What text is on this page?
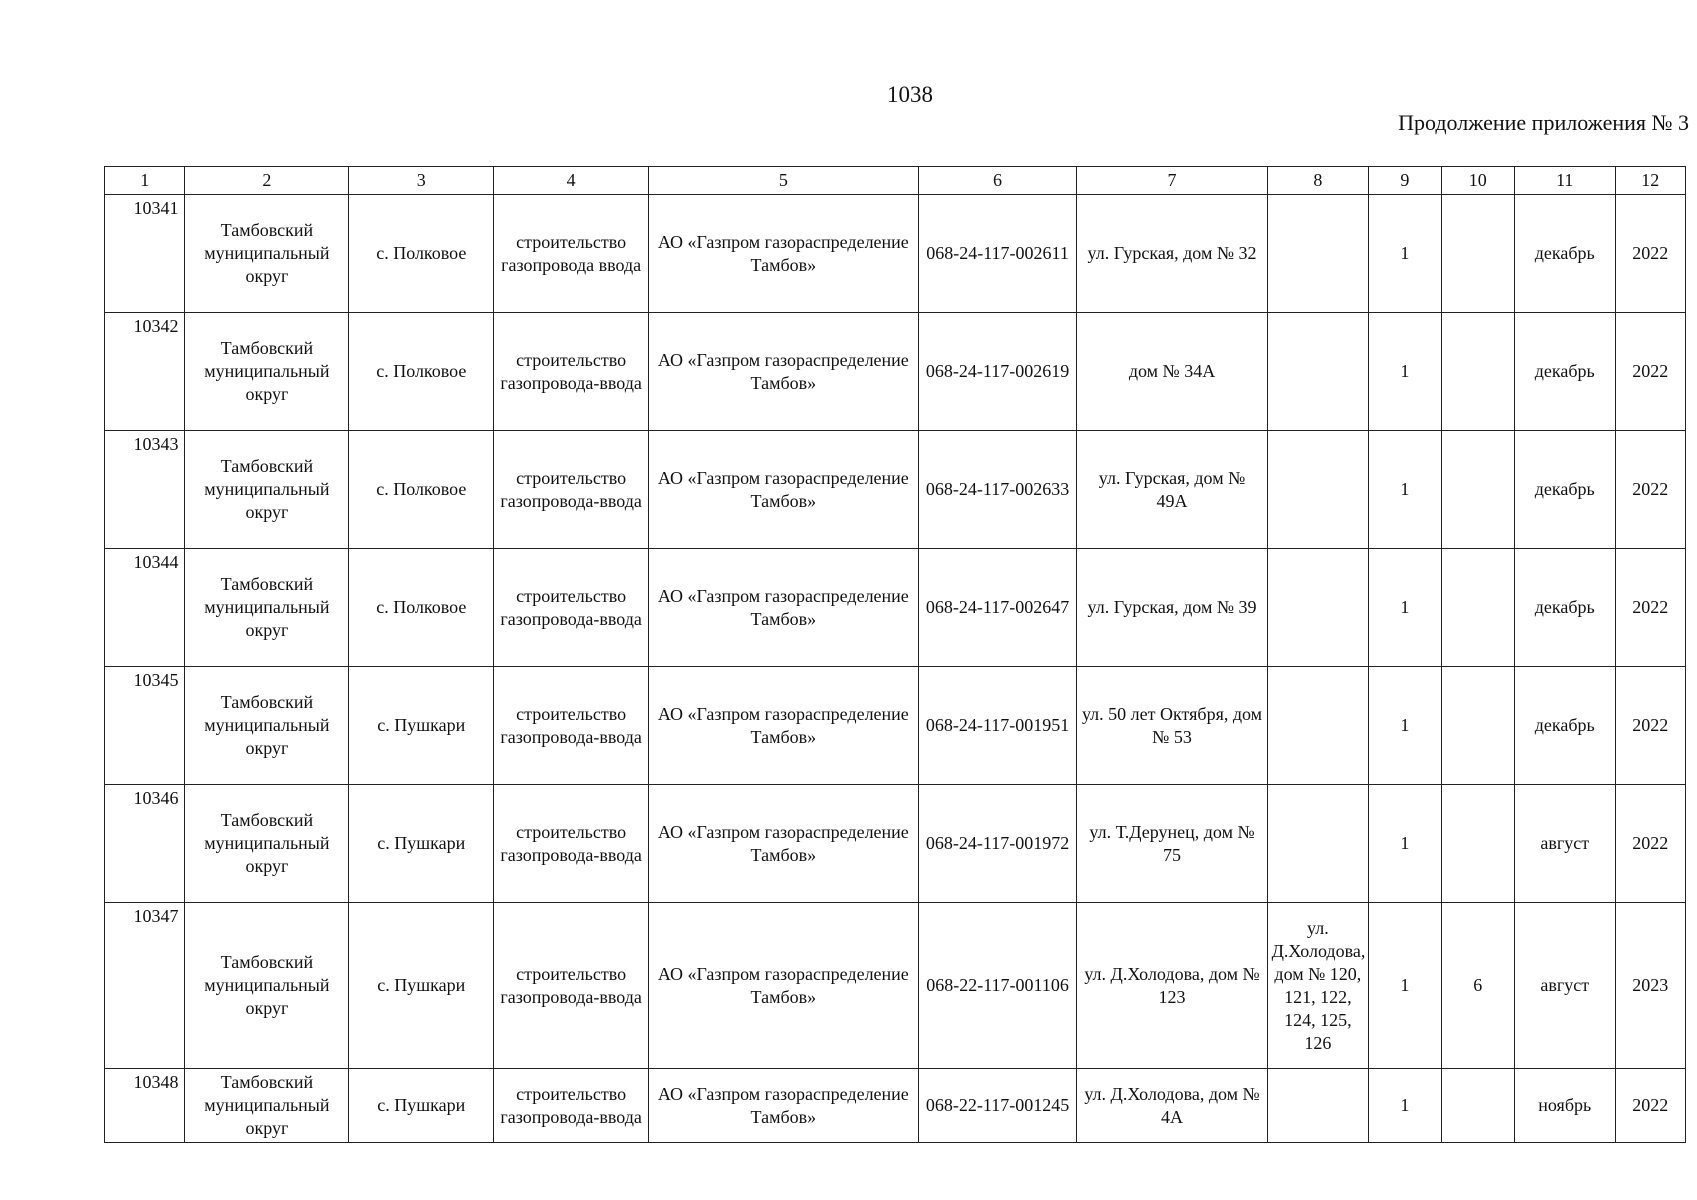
1038
Продолжение приложения № 3
1	2	3	4	5	6	7	8	9	10	11	12
10341	Тамбовский муниципальный округ	с. Полковое	строительство газопровода ввода	АО «Газпром газораспределение Тамбов»	068-24-117-002611	ул. Гурская, дом № 32		1		декабрь	2022
10342	Тамбовский муниципальный округ	с. Полковое	строительство газопровода-ввода	АО «Газпром газораспределение Тамбов»	068-24-117-002619	дом № 34А		1		декабрь	2022
10343	Тамбовский муниципальный округ	с. Полковое	строительство газопровода-ввода	АО «Газпром газораспределение Тамбов»	068-24-117-002633	ул. Гурская, дом № 49А		1		декабрь	2022
10344	Тамбовский муниципальный округ	с. Полковое	строительство газопровода-ввода	АО «Газпром газораспределение Тамбов»	068-24-117-002647	ул. Гурская, дом № 39		1		декабрь	2022
10345	Тамбовский муниципальный округ	с. Пушкари	строительство газопровода-ввода	АО «Газпром газораспределение Тамбов»	068-24-117-001951	ул. 50 лет Октября, дом № 53		1		декабрь	2022
10346	Тамбовский муниципальный округ	с. Пушкари	строительство газопровода-ввода	АО «Газпром газораспределение Тамбов»	068-24-117-001972	ул. Т.Дерунец, дом № 75		1		август	2022
10347	Тамбовский муниципальный округ	с. Пушкари	строительство газопровода-ввода	АО «Газпром газораспределение Тамбов»	068-22-117-001106	ул. Д.Холодова, дом № 123	ул. Д.Холодова, дом № 120, 121, 122, 124, 125, 126	1	6	август	2023
10348	Тамбовский муниципальный округ	с. Пушкари	строительство газопровода-ввода	АО «Газпром газораспределение Тамбов»	068-22-117-001245	ул. Д.Холодова, дом № 4А		1		ноябрь	2022
